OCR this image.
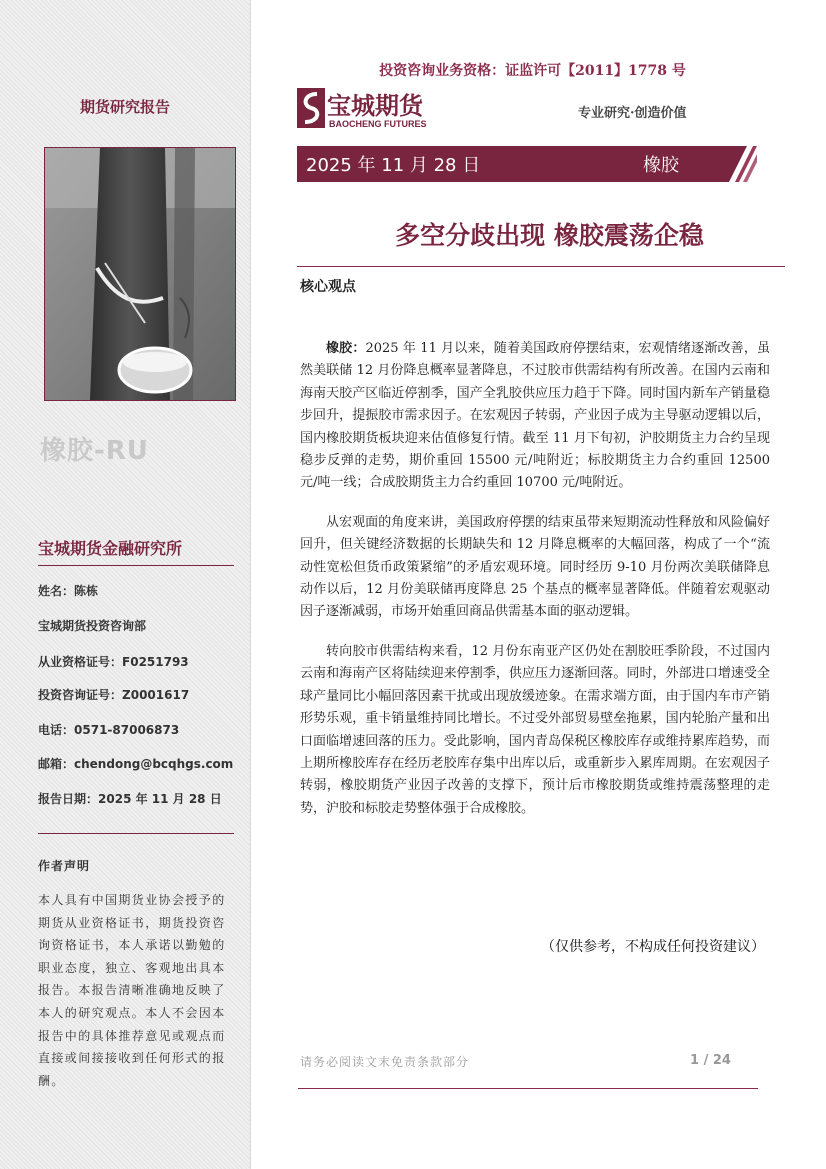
期货研究报告
橡胶-RU
宝城期货金融研究所
姓名：陈栋
宝城期货投资咨询部
从业资格证号：F0251793
投资咨询证号：Z0001617
电话：0571-87006873
邮箱：chendong@bcqhgs.com
报告日期：2025 年 11 月 28 日
作者声明
本人具有中国期货业协会授予的期货从业资格证书，期货投资咨询资格证书，本人承诺以勤勉的职业态度，独立、客观地出具本报告。本报告清晰准确地反映了本人的研究观点。本人不会因本报告中的具体推荐意见或观点而直接或间接接收到任何形式的报酬。
投资咨询业务资格：证监许可【2011】1778 号
宝城期货
BAOCHENG FUTURES
专业研究·创造价值
2025 年 11 月 28 日	橡胶
多空分歧出现 橡胶震荡企稳
核心观点

橡胶：2025 年 11 月以来，随着美国政府停摆结束，宏观情绪逐渐改善，虽然美联储 12 月份降息概率显著降息，不过胶市供需结构有所改善。在国内云南和海南天胶产区临近停割季，国产全乳胶供应压力趋于下降。同时国内新车产销量稳步回升，提振胶市需求因子。在宏观因子转弱，产业因子成为主导驱动逻辑以后，国内橡胶期货板块迎来估值修复行情。截至 11 月下旬初，沪胶期货主力合约呈现稳步反弹的走势，期价重回 15500 元/吨附近；标胶期货主力合约重回 12500 元/吨一线；合成胶期货主力合约重回 10700 元/吨附近。

从宏观面的角度来讲，美国政府停摆的结束虽带来短期流动性释放和风险偏好回升，但关键经济数据的长期缺失和 12 月降息概率的大幅回落，构成了一个“流动性宽松但货币政策紧缩”的矛盾宏观环境。同时经历 9-10 月份两次美联储降息动作以后，12 月份美联储再度降息 25 个基点的概率显著降低。伴随着宏观驱动因子逐渐减弱，市场开始重回商品供需基本面的驱动逻辑。

转向胶市供需结构来看，12 月份东南亚产区仍处在割胶旺季阶段，不过国内云南和海南产区将陆续迎来停割季，供应压力逐渐回落。同时，外部进口增速受全球产量同比小幅回落因素干扰或出现放缓迹象。在需求端方面，由于国内车市产销形势乐观，重卡销量维持同比增长。不过受外部贸易壁垒拖累，国内轮胎产量和出口面临增速回落的压力。受此影响，国内青岛保税区橡胶库存或维持累库趋势，而上期所橡胶库存在经历老胶库存集中出库以后，或重新步入累库周期。在宏观因子转弱，橡胶期货产业因子改善的支撑下，预计后市橡胶期货或维持震荡整理的走势，沪胶和标胶走势整体强于合成橡胶。

（仅供参考，不构成任何投资建议）
请务必阅读文末免责条款部分	1 / 24
